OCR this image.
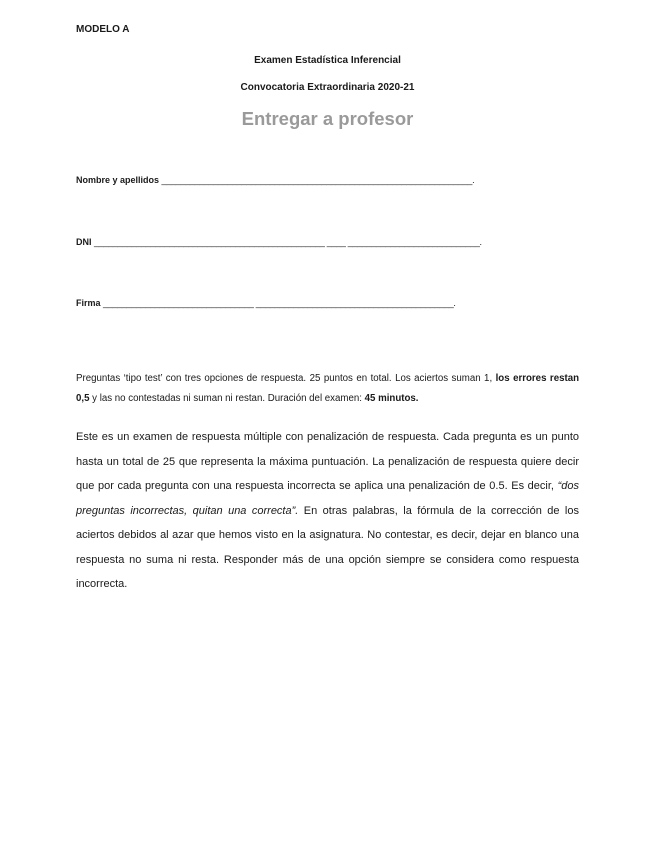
MODELO A
Examen Estadística Inferencial
Convocatoria Extraordinaria 2020-21
Entregar a profesor
Nombre y apellidos __________________________________________________________________.
DNI _________________________________________________ ____ ____________________________.
Firma ________________________________ __________________________________________.

Preguntas ‘tipo test’ con tres opciones de respuesta. 25 puntos en total. Los aciertos suman 1, los errores restan 0,5 y las no contestadas ni suman ni restan. Duración del examen: 45 minutos.

Este es un examen de respuesta múltiple con penalización de respuesta. Cada pregunta es un punto hasta un total de 25 que representa la máxima puntuación. La penalización de respuesta quiere decir que por cada pregunta con una respuesta incorrecta se aplica una penalización de 0.5. Es decir, “dos preguntas incorrectas, quitan una correcta”. En otras palabras, la fórmula de la corrección de los aciertos debidos al azar que hemos visto en la asignatura. No contestar, es decir, dejar en blanco una respuesta no suma ni resta. Responder más de una opción siempre se considera como respuesta incorrecta.
